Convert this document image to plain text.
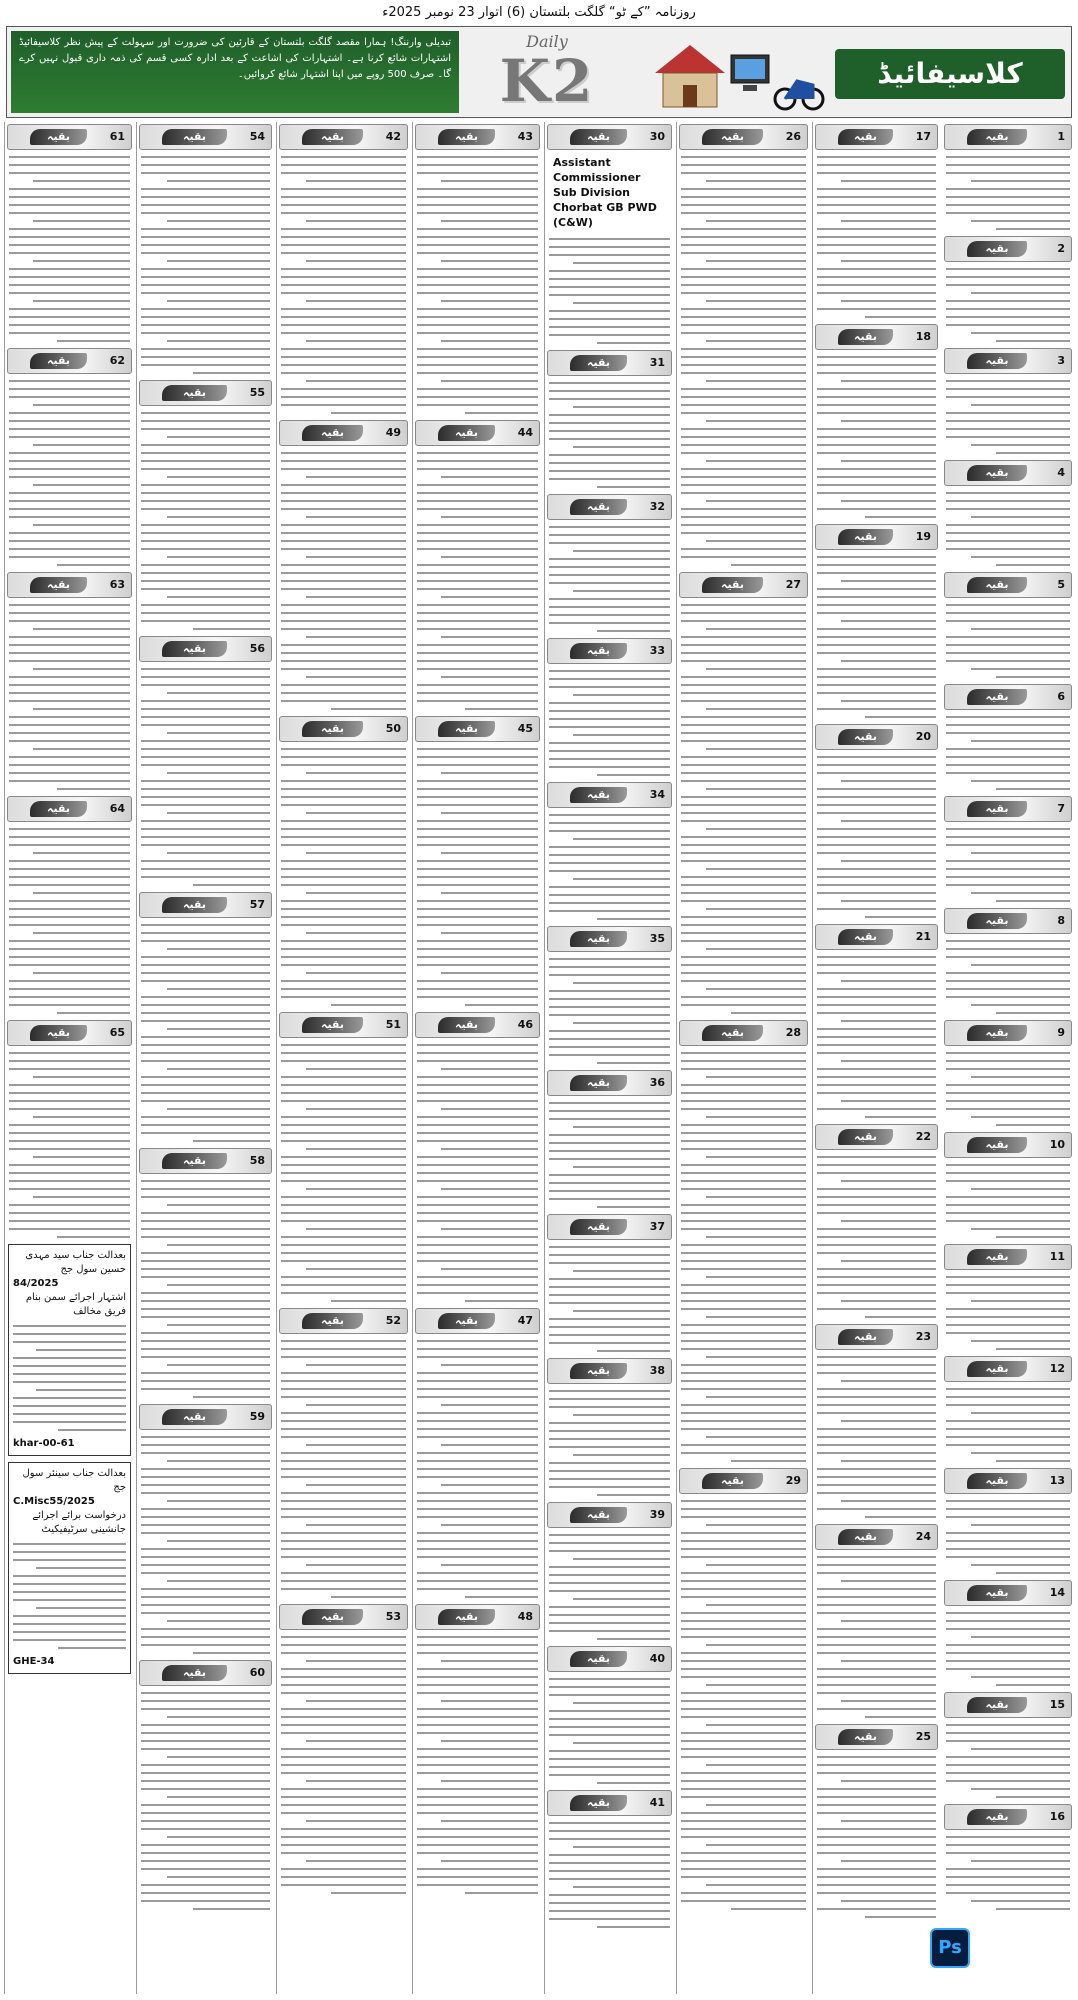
روزنامہ ”کے ٹو“ گلگت بلتستان (6) اتوار 23 نومبر 2025ء
تبدیلی وارننگ! ہمارا مقصد گلگت بلتستان کے قارئین کی ضرورت اور سہولت کے پیش نظر کلاسیفائیڈ اشتہارات شائع کرنا ہے۔ اشتہارات کی اشاعت کے بعد ادارہ کسی قسم کی ذمہ داری قبول نہیں کرے گا۔ صرف 500 روپے میں اپنا اشتہار شائع کروائیں۔
Daily
K2	کلاسیفائیڈ
بقیہ	61
بقیہ	62
بقیہ	63
بقیہ	64
بقیہ	65
بعدالت جناب سید مہدی حسین سول جج
84/2025
اشتہار اجرائے سمن بنام فریق مخالف
khar-00-61
بعدالت جناب سینئر سول جج
C.Misc55/2025
درخواست برائے اجرائے جانشینی سرٹیفیکیٹ
GHE-34
بقیہ	54
بقیہ	55
بقیہ	56
بقیہ	57
بقیہ	58
بقیہ	59
بقیہ	60
بقیہ	42
بقیہ	49
بقیہ	50
بقیہ	51
بقیہ	52
بقیہ	53
بقیہ	43
بقیہ	44
بقیہ	45
بقیہ	46
بقیہ	47
بقیہ	48
بقیہ	30
Assistant Commissioner Sub Division Chorbat GB PWD (C&W)
بقیہ	31
بقیہ	32
بقیہ	33
بقیہ	34
بقیہ	35
بقیہ	36
بقیہ	37
بقیہ	38
بقیہ	39
بقیہ	40
بقیہ	41
بقیہ	26
بقیہ	27
بقیہ	28
بقیہ	29
بقیہ	17
بقیہ	18
بقیہ	19
بقیہ	20
بقیہ	21
بقیہ	22
بقیہ	23
بقیہ	24
بقیہ	25
بقیہ	1
بقیہ	2
بقیہ	3
بقیہ	4
بقیہ	5
بقیہ	6
بقیہ	7
بقیہ	8
بقیہ	9
بقیہ	10
بقیہ	11
بقیہ	12
بقیہ	13
بقیہ	14
بقیہ	15
بقیہ	16
Ps
